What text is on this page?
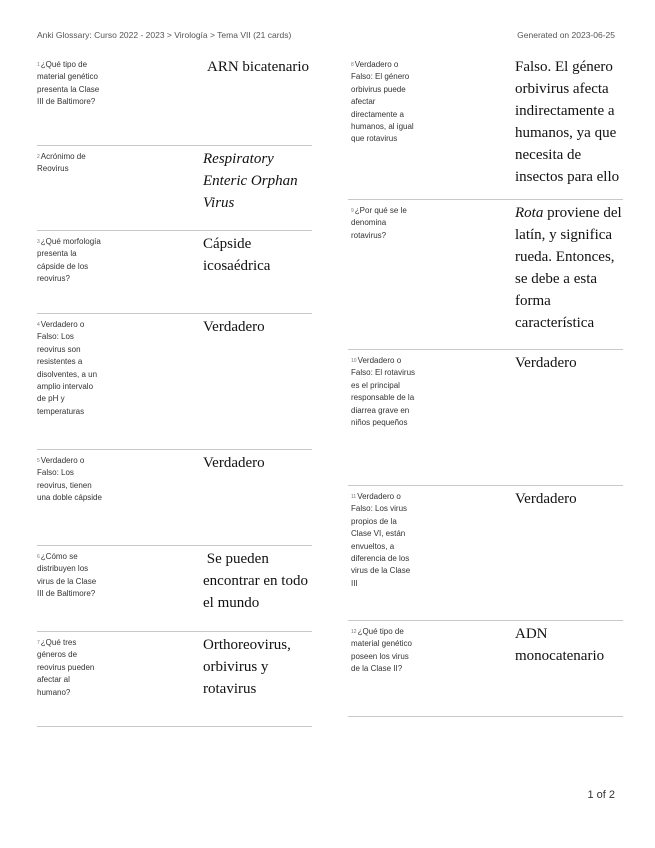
Anki Glossary: Curso 2022 - 2023 > Virología > Tema VII (21 cards)	Generated on 2023-06-25
$^1$¿Qué tipo de material genético presenta la Clase III de Baltimore?
ARN bicatenario
$^2$Acrónimo de Reovirus
Respiratory Enteric Orphan Virus
$^3$¿Qué morfología presenta la cápside de los reovirus?
Cápside icosaédrica
$^4$Verdadero o Falso: Los reovirus son resistentes a disolventes, a un amplio intervalo de pH y temperaturas
Verdadero
$^5$Verdadero o Falso: Los reovirus, tienen una doble cápside
Verdadero
$^6$¿Cómo se distribuyen los virus de la Clase III de Baltimore?
Se pueden encontrar en todo el mundo
$^7$¿Qué tres géneros de reovirus pueden afectar al humano?
Orthoreovirus, orbivirus y rotavirus
$^8$Verdadero o Falso: El género orbivirus puede afectar directamente a humanos, al igual que rotavirus
Falso. El género orbivirus afecta indirectamente a humanos, ya que necesita de insectos para ello
$^9$¿Por qué se le denomina rotavirus?
Rota proviene del latín, y significa rueda. Entonces, se debe a esta forma característica
$^{10}$Verdadero o Falso: El rotavirus es el principal responsable de la diarrea grave en niños pequeños
Verdadero
$^{11}$Verdadero o Falso: Los virus propios de la Clase VI, están envueltos, a diferencia de los virus de la Clase III
Verdadero
$^{12}$¿Qué tipo de material genético poseen los virus de la Clase II?
ADN monocatenario
1 of 2
